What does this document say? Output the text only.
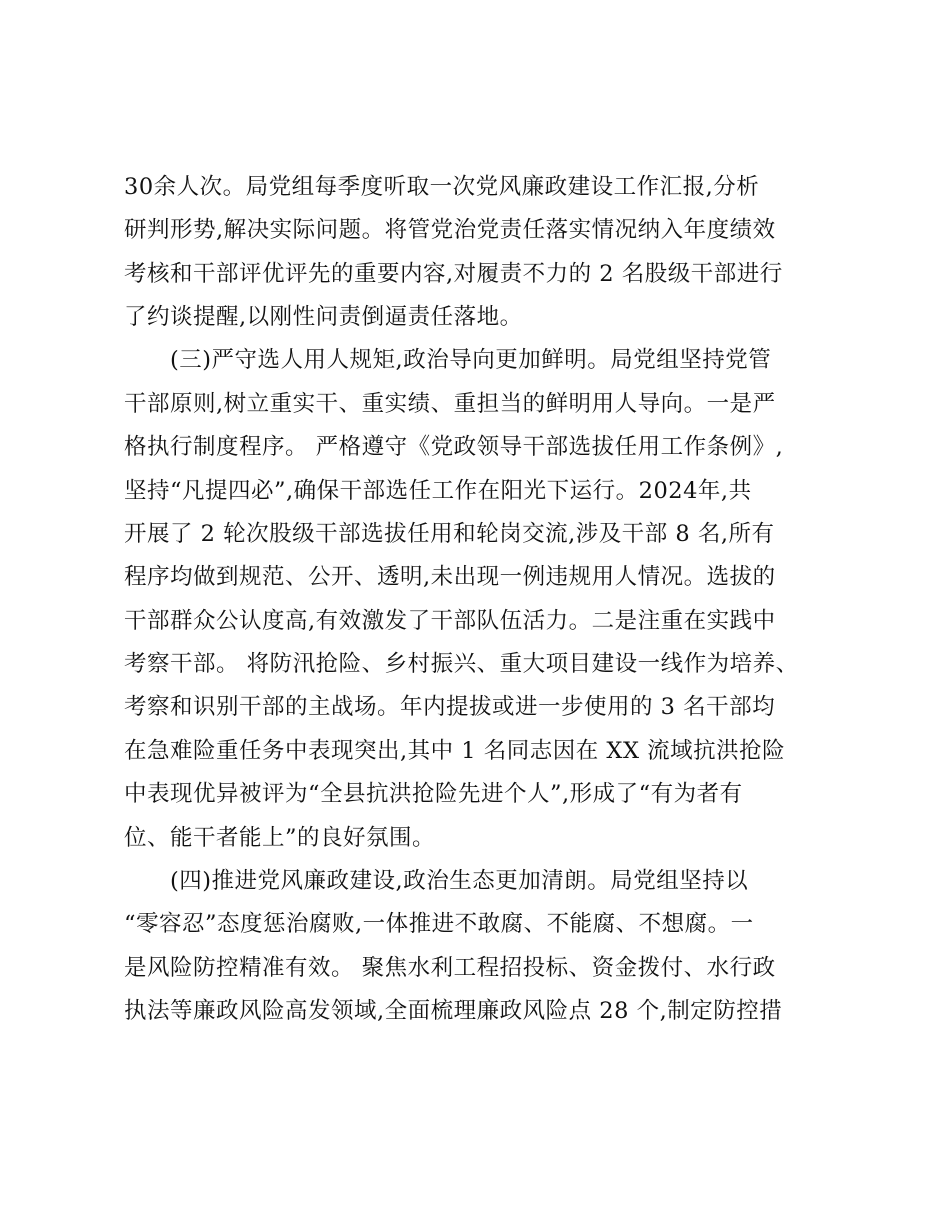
30余人次。局党组每季度听取一次党风廉政建设工作汇报,分析

研判形势,解决实际问题。将管党治党责任落实情况纳入年度绩效

考核和干部评优评先的重要内容,对履责不力的 2 名股级干部进行

了约谈提醒,以刚性问责倒逼责任落地。

(三)严守选人用人规矩,政治导向更加鲜明。局党组坚持党管

干部原则,树立重实干、重实绩、重担当的鲜明用人导向。一是严

格执行制度程序。 严格遵守《党政领导干部选拔任用工作条例》,

坚持“凡提四必”,确保干部选任工作在阳光下运行。2024年,共

开展了 2 轮次股级干部选拔任用和轮岗交流,涉及干部 8 名,所有

程序均做到规范、公开、透明,未出现一例违规用人情况。选拔的

干部群众公认度高,有效激发了干部队伍活力。二是注重在实践中

考察干部。 将防汛抢险、乡村振兴、重大项目建设一线作为培养、

考察和识别干部的主战场。年内提拔或进一步使用的 3 名干部均

在急难险重任务中表现突出,其中 1 名同志因在 XX 流域抗洪抢险

中表现优异被评为“全县抗洪抢险先进个人”,形成了“有为者有

位、能干者能上”的良好氛围。

(四)推进党风廉政建设,政治生态更加清朗。局党组坚持以

“零容忍”态度惩治腐败,一体推进不敢腐、不能腐、不想腐。一

是风险防控精准有效。 聚焦水利工程招投标、资金拨付、水行政

执法等廉政风险高发领域,全面梳理廉政风险点 28 个,制定防控措
